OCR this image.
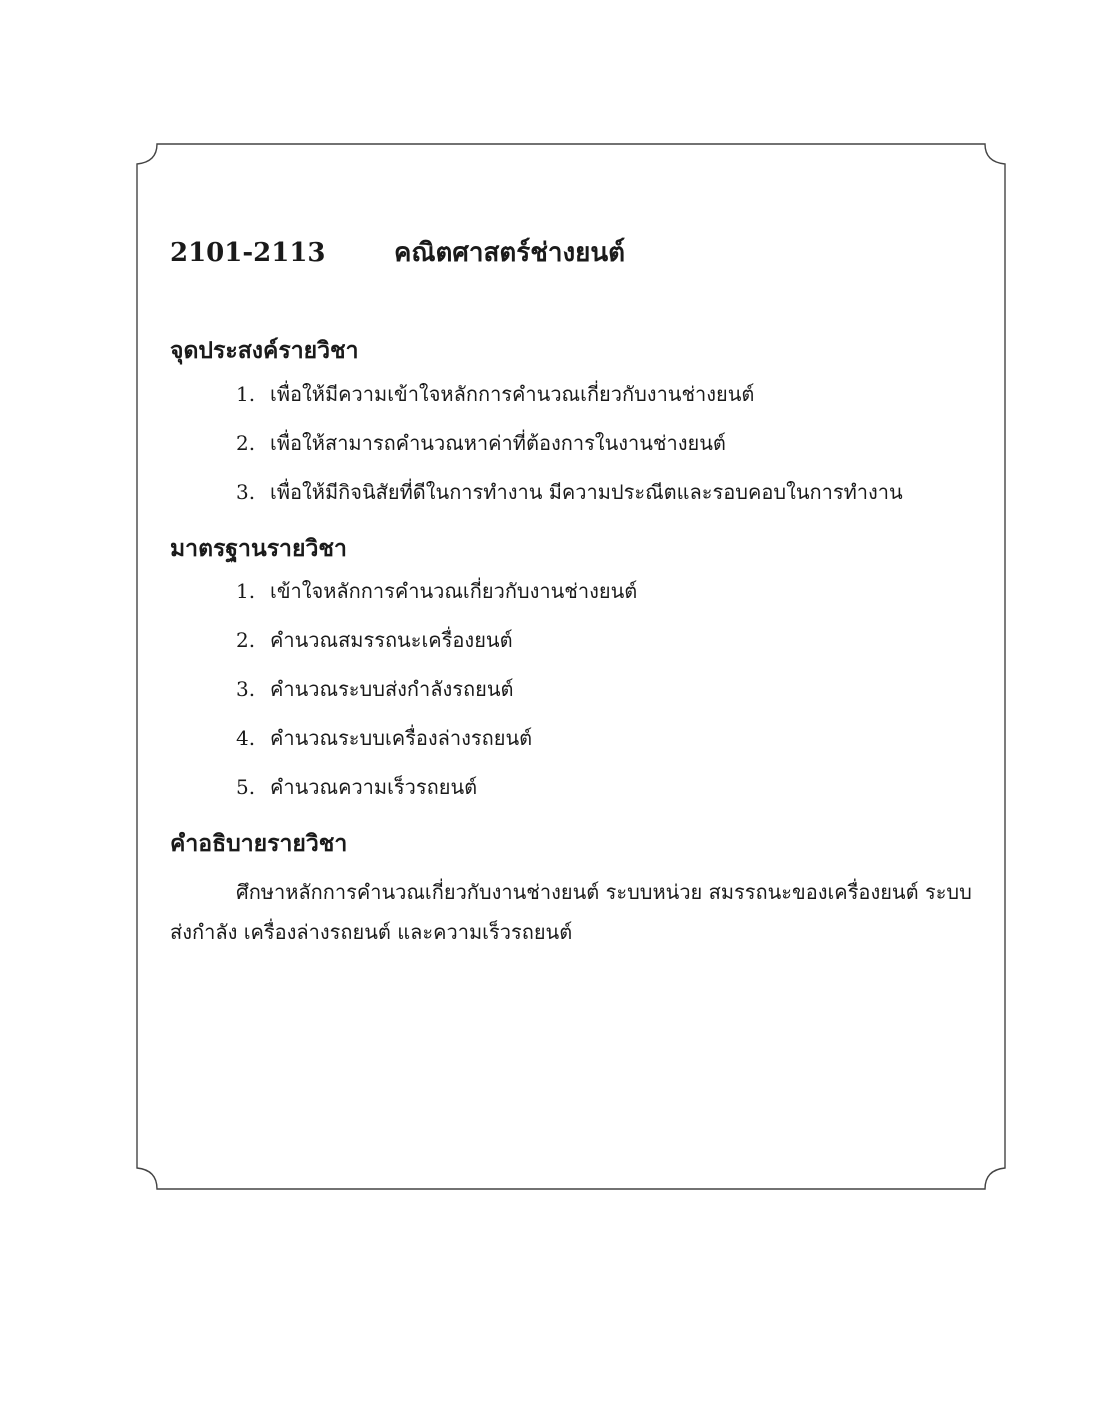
2101-2113	คณิตศาสตร์ช่างยนต์
จุดประสงค์รายวิชา
1. เพื่อให้มีความเข้าใจหลักการคำนวณเกี่ยวกับงานช่างยนต์
2. เพื่อให้สามารถคำนวณหาค่าที่ต้องการในงานช่างยนต์
3. เพื่อให้มีกิจนิสัยที่ดีในการทำงาน มีความประณีตและรอบคอบในการทำงาน
มาตรฐานรายวิชา
1. เข้าใจหลักการคำนวณเกี่ยวกับงานช่างยนต์
2. คำนวณสมรรถนะเครื่องยนต์
3. คำนวณระบบส่งกำลังรถยนต์
4. คำนวณระบบเครื่องล่างรถยนต์
5. คำนวณความเร็วรถยนต์
คำอธิบายรายวิชา

ศึกษาหลักการคำนวณเกี่ยวกับงานช่างยนต์ ระบบหน่วย สมรรถนะของเครื่องยนต์ ระบบส่งกำลัง เครื่องล่างรถยนต์ และความเร็วรถยนต์
